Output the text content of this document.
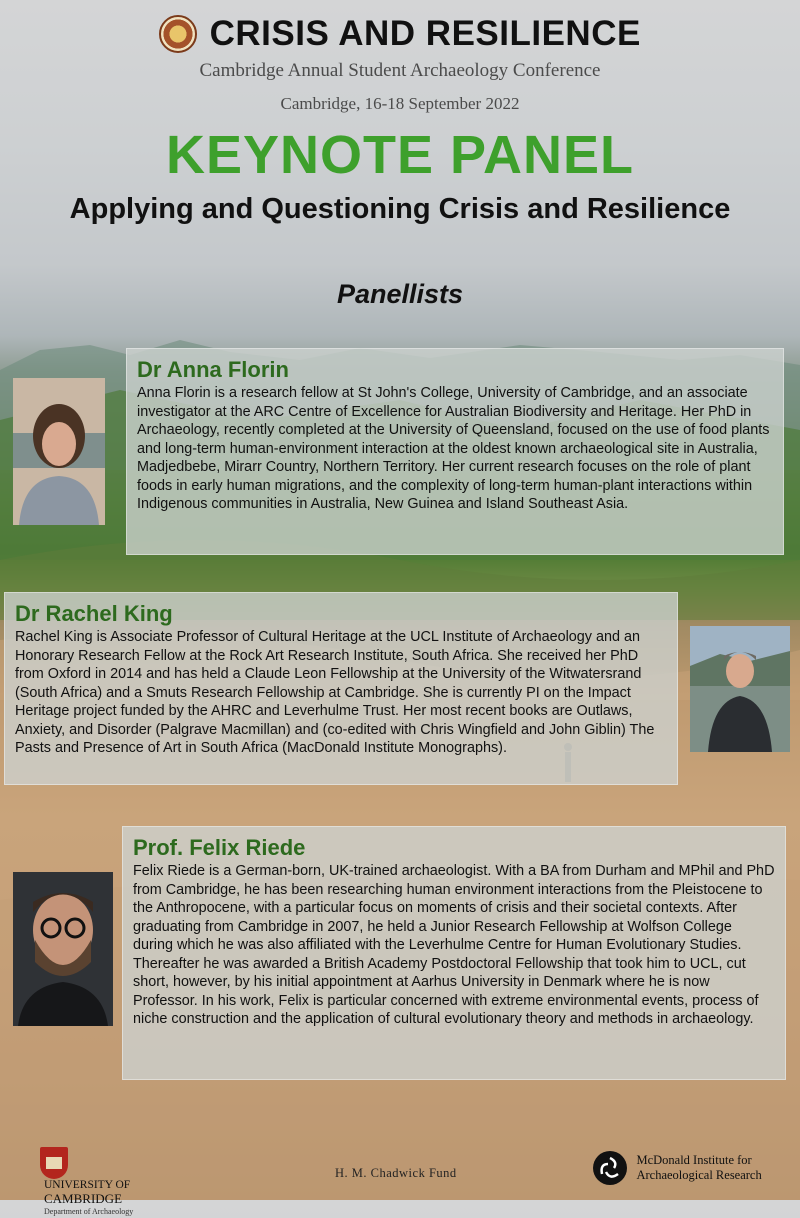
CRISIS AND RESILIENCE
Cambridge Annual Student Archaeology Conference
Cambridge, 16-18 September 2022
KEYNOTE PANEL
Applying and Questioning Crisis and Resilience
Panellists
Dr Anna Florin

Anna Florin is a research fellow at St John's College, University of Cambridge, and an associate investigator at the ARC Centre of Excellence for Australian Biodiversity and Heritage. Her PhD in Archaeology, recently completed at the University of Queensland, focused on the use of food plants and long-term human-environment interaction at the oldest known archaeological site in Australia, Madjedbebe, Mirarr Country, Northern Territory. Her current research focuses on the role of plant foods in early human migrations, and the complexity of long-term human-plant interactions within Indigenous communities in Australia, New Guinea and Island Southeast Asia.

Dr Rachel King

Rachel King is Associate Professor of Cultural Heritage at the UCL Institute of Archaeology and an Honorary Research Fellow at the Rock Art Research Institute, South Africa. She received her PhD from Oxford in 2014 and has held a Claude Leon Fellowship at the University of the Witwatersrand (South Africa) and a Smuts Research Fellowship at Cambridge. She is currently PI on the Impact Heritage project funded by the AHRC and Leverhulme Trust. Her most recent books are Outlaws, Anxiety, and Disorder (Palgrave Macmillan) and (co-edited with Chris Wingfield and John Giblin) The Pasts and Presence of Art in South Africa (MacDonald Institute Monographs).

Prof. Felix Riede

Felix Riede is a German-born, UK-trained archaeologist. With a BA from Durham and MPhil and PhD from Cambridge, he has been researching human environment interactions from the Pleistocene to the Anthropocene, with a particular focus on moments of crisis and their societal contexts. After graduating from Cambridge in 2007, he held a Junior Research Fellowship at Wolfson College during which he was also affiliated with the Leverhulme Centre for Human Evolutionary Studies. Thereafter he was awarded a British Academy Postdoctoral Fellowship that took him to UCL, cut short, however, by his initial appointment at Aarhus University in Denmark where he is now Professor. In his work, Felix is particular concerned with extreme environmental events, process of niche construction and the application of cultural evolutionary theory and methods in archaeology.

UNIVERSITY OF
CAMBRIDGE
Department of Archaeology
H. M. Chadwick Fund

McDonald Institute for
Archaeological Research
